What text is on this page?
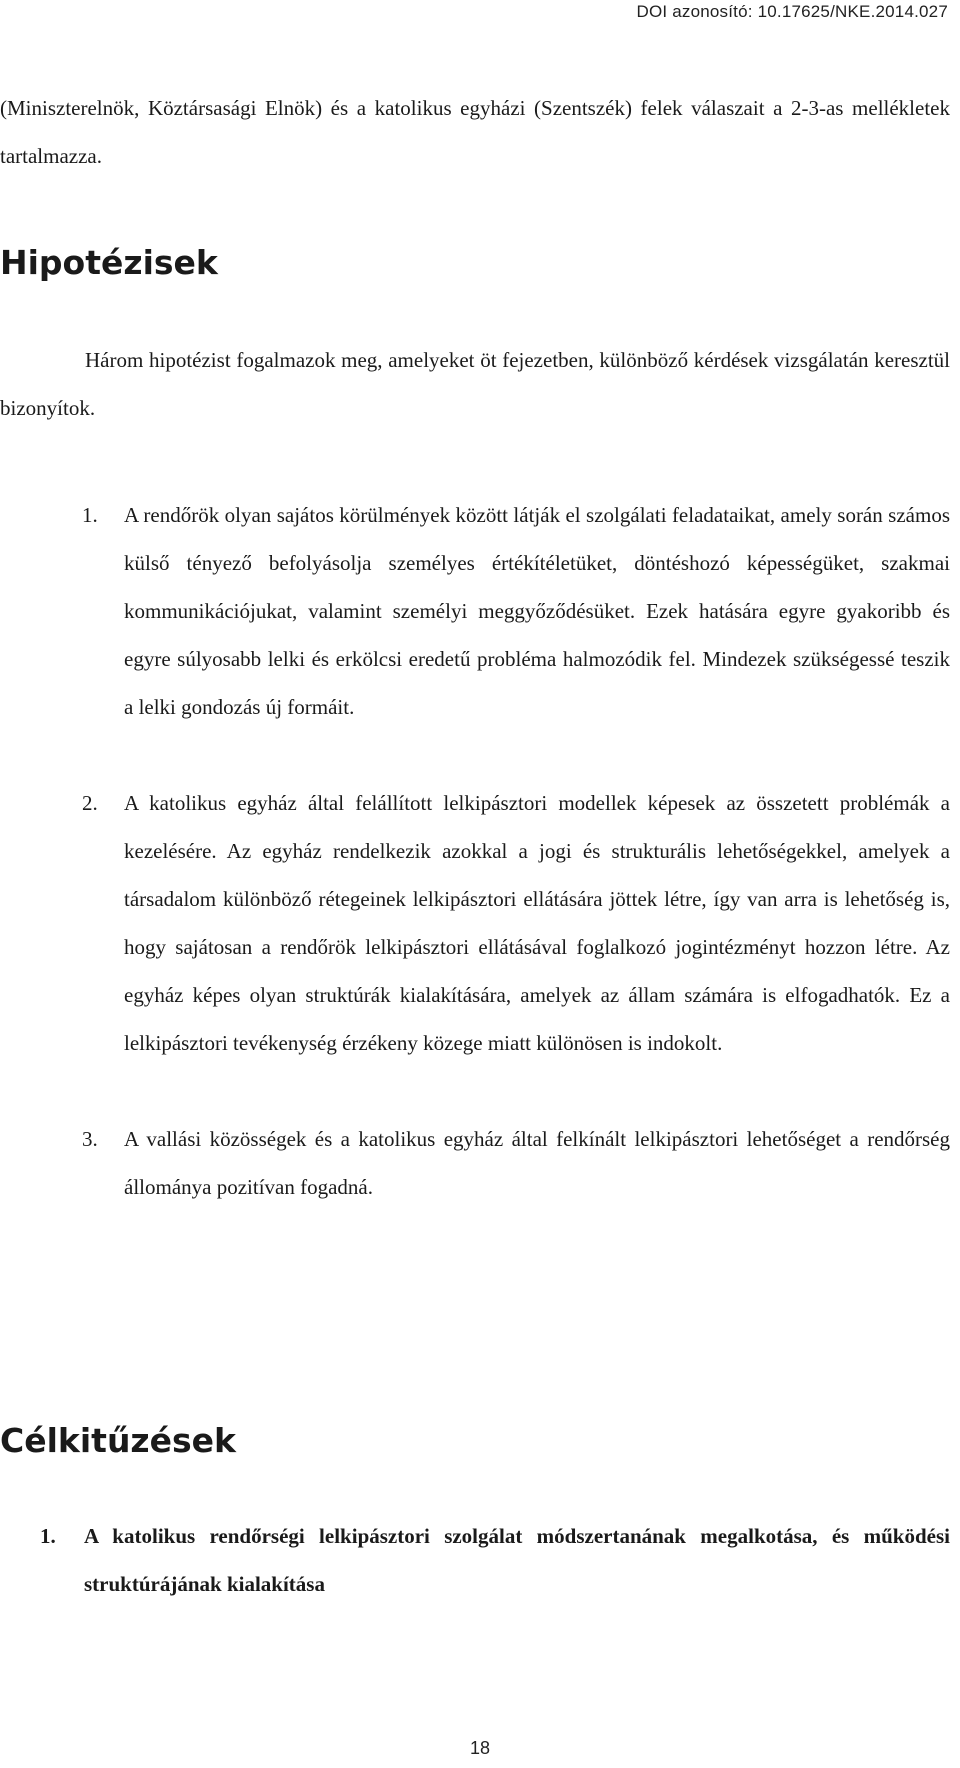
DOI azonosító: 10.17625/NKE.2014.027

(Miniszterelnök, Köztársasági Elnök) és a katolikus egyházi (Szentszék) felek válaszait a 2-3-as mellékletek tartalmazza.

Hipotézisek

Három hipotézist fogalmazok meg, amelyeket öt fejezetben, különböző kérdések vizsgálatán keresztül bizonyítok.

1. A rendőrök olyan sajátos körülmények között látják el szolgálati feladataikat, amely során számos külső tényező befolyásolja személyes értékítéletüket, döntéshozó képességüket, szakmai kommunikációjukat, valamint személyi meggyőződésüket. Ezek hatására egyre gyakoribb és egyre súlyosabb lelki és erkölcsi eredetű probléma halmozódik fel. Mindezek szükségessé teszik a lelki gondozás új formáit.
2. A katolikus egyház által felállított lelkipásztori modellek képesek az összetett problémák a kezelésére. Az egyház rendelkezik azokkal a jogi és strukturális lehetőségekkel, amelyek a társadalom különböző rétegeinek lelkipásztori ellátására jöttek létre, így van arra is lehetőség is, hogy sajátosan a rendőrök lelkipásztori ellátásával foglalkozó jogintézményt hozzon létre. Az egyház képes olyan struktúrák kialakítására, amelyek az állam számára is elfogadhatók. Ez a lelkipásztori tevékenység érzékeny közege miatt különösen is indokolt.
3. A vallási közösségek és a katolikus egyház által felkínált lelkipásztori lehetőséget a rendőrség állománya pozitívan fogadná.
Célkitűzések
1. A katolikus rendőrségi lelkipásztori szolgálat módszertanának megalkotása, és működési struktúrájának kialakítása
18
